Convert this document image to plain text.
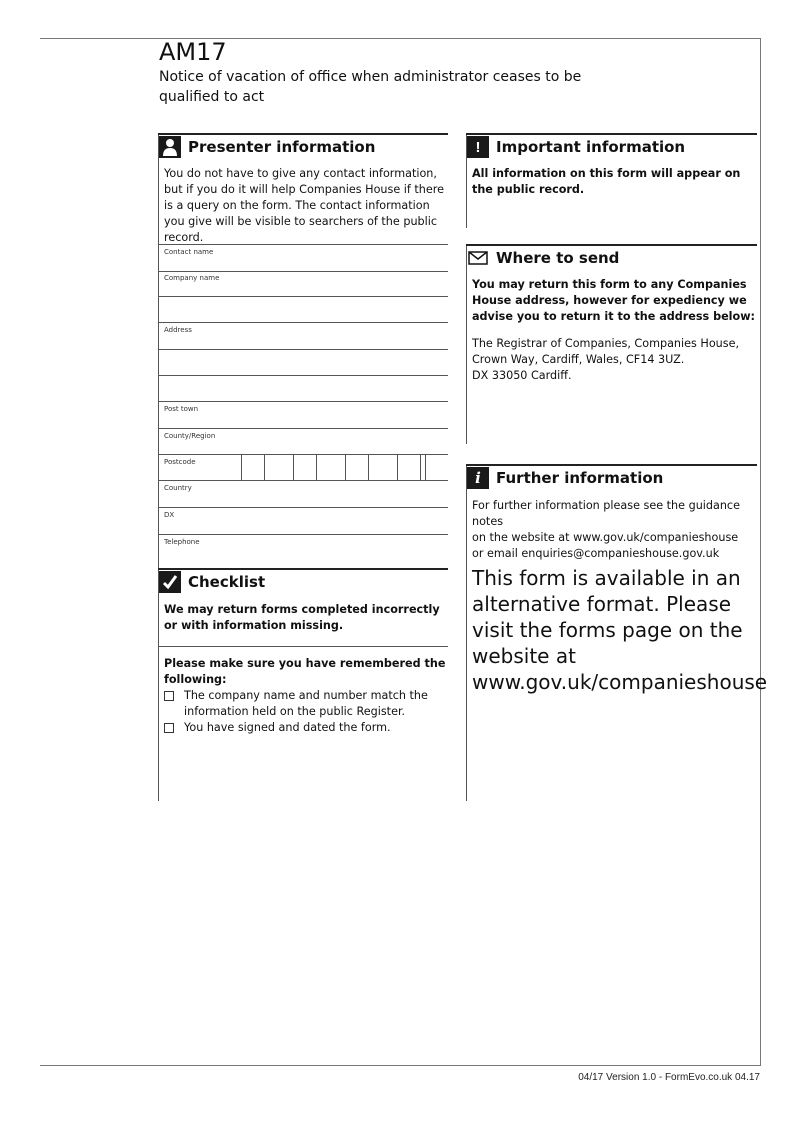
AM17
Notice of vacation of office when administrator ceases to be qualified to act
Presenter information
You do not have to give any contact information, but if you do it will help Companies House if there is a query on the form. The contact information you give will be visible to searchers of the public record.
Contact name
Company name
Address
Post town
County/Region
Postcode
Country
DX
Telephone
Checklist
We may return forms completed incorrectly or with information missing.
Please make sure you have remembered the following:
The company name and number match the information held on the public Register.
You have signed and dated the form.
!	Important information
All information on this form will appear on the public record.
Where to send
You may return this form to any Companies House address, however for expediency we advise you to return it to the address below:
The Registrar of Companies, Companies House,
Crown Way, Cardiff, Wales, CF14 3UZ.
DX 33050 Cardiff.
i	Further information
For further information please see the guidance notes
on the website at www.gov.uk/companieshouse
or email enquiries@companieshouse.gov.uk
This form is available in an alternative format. Please visit the forms page on the website at www.gov.uk/companieshouse
04/17 Version 1.0 - FormEvo.co.uk 04.17
